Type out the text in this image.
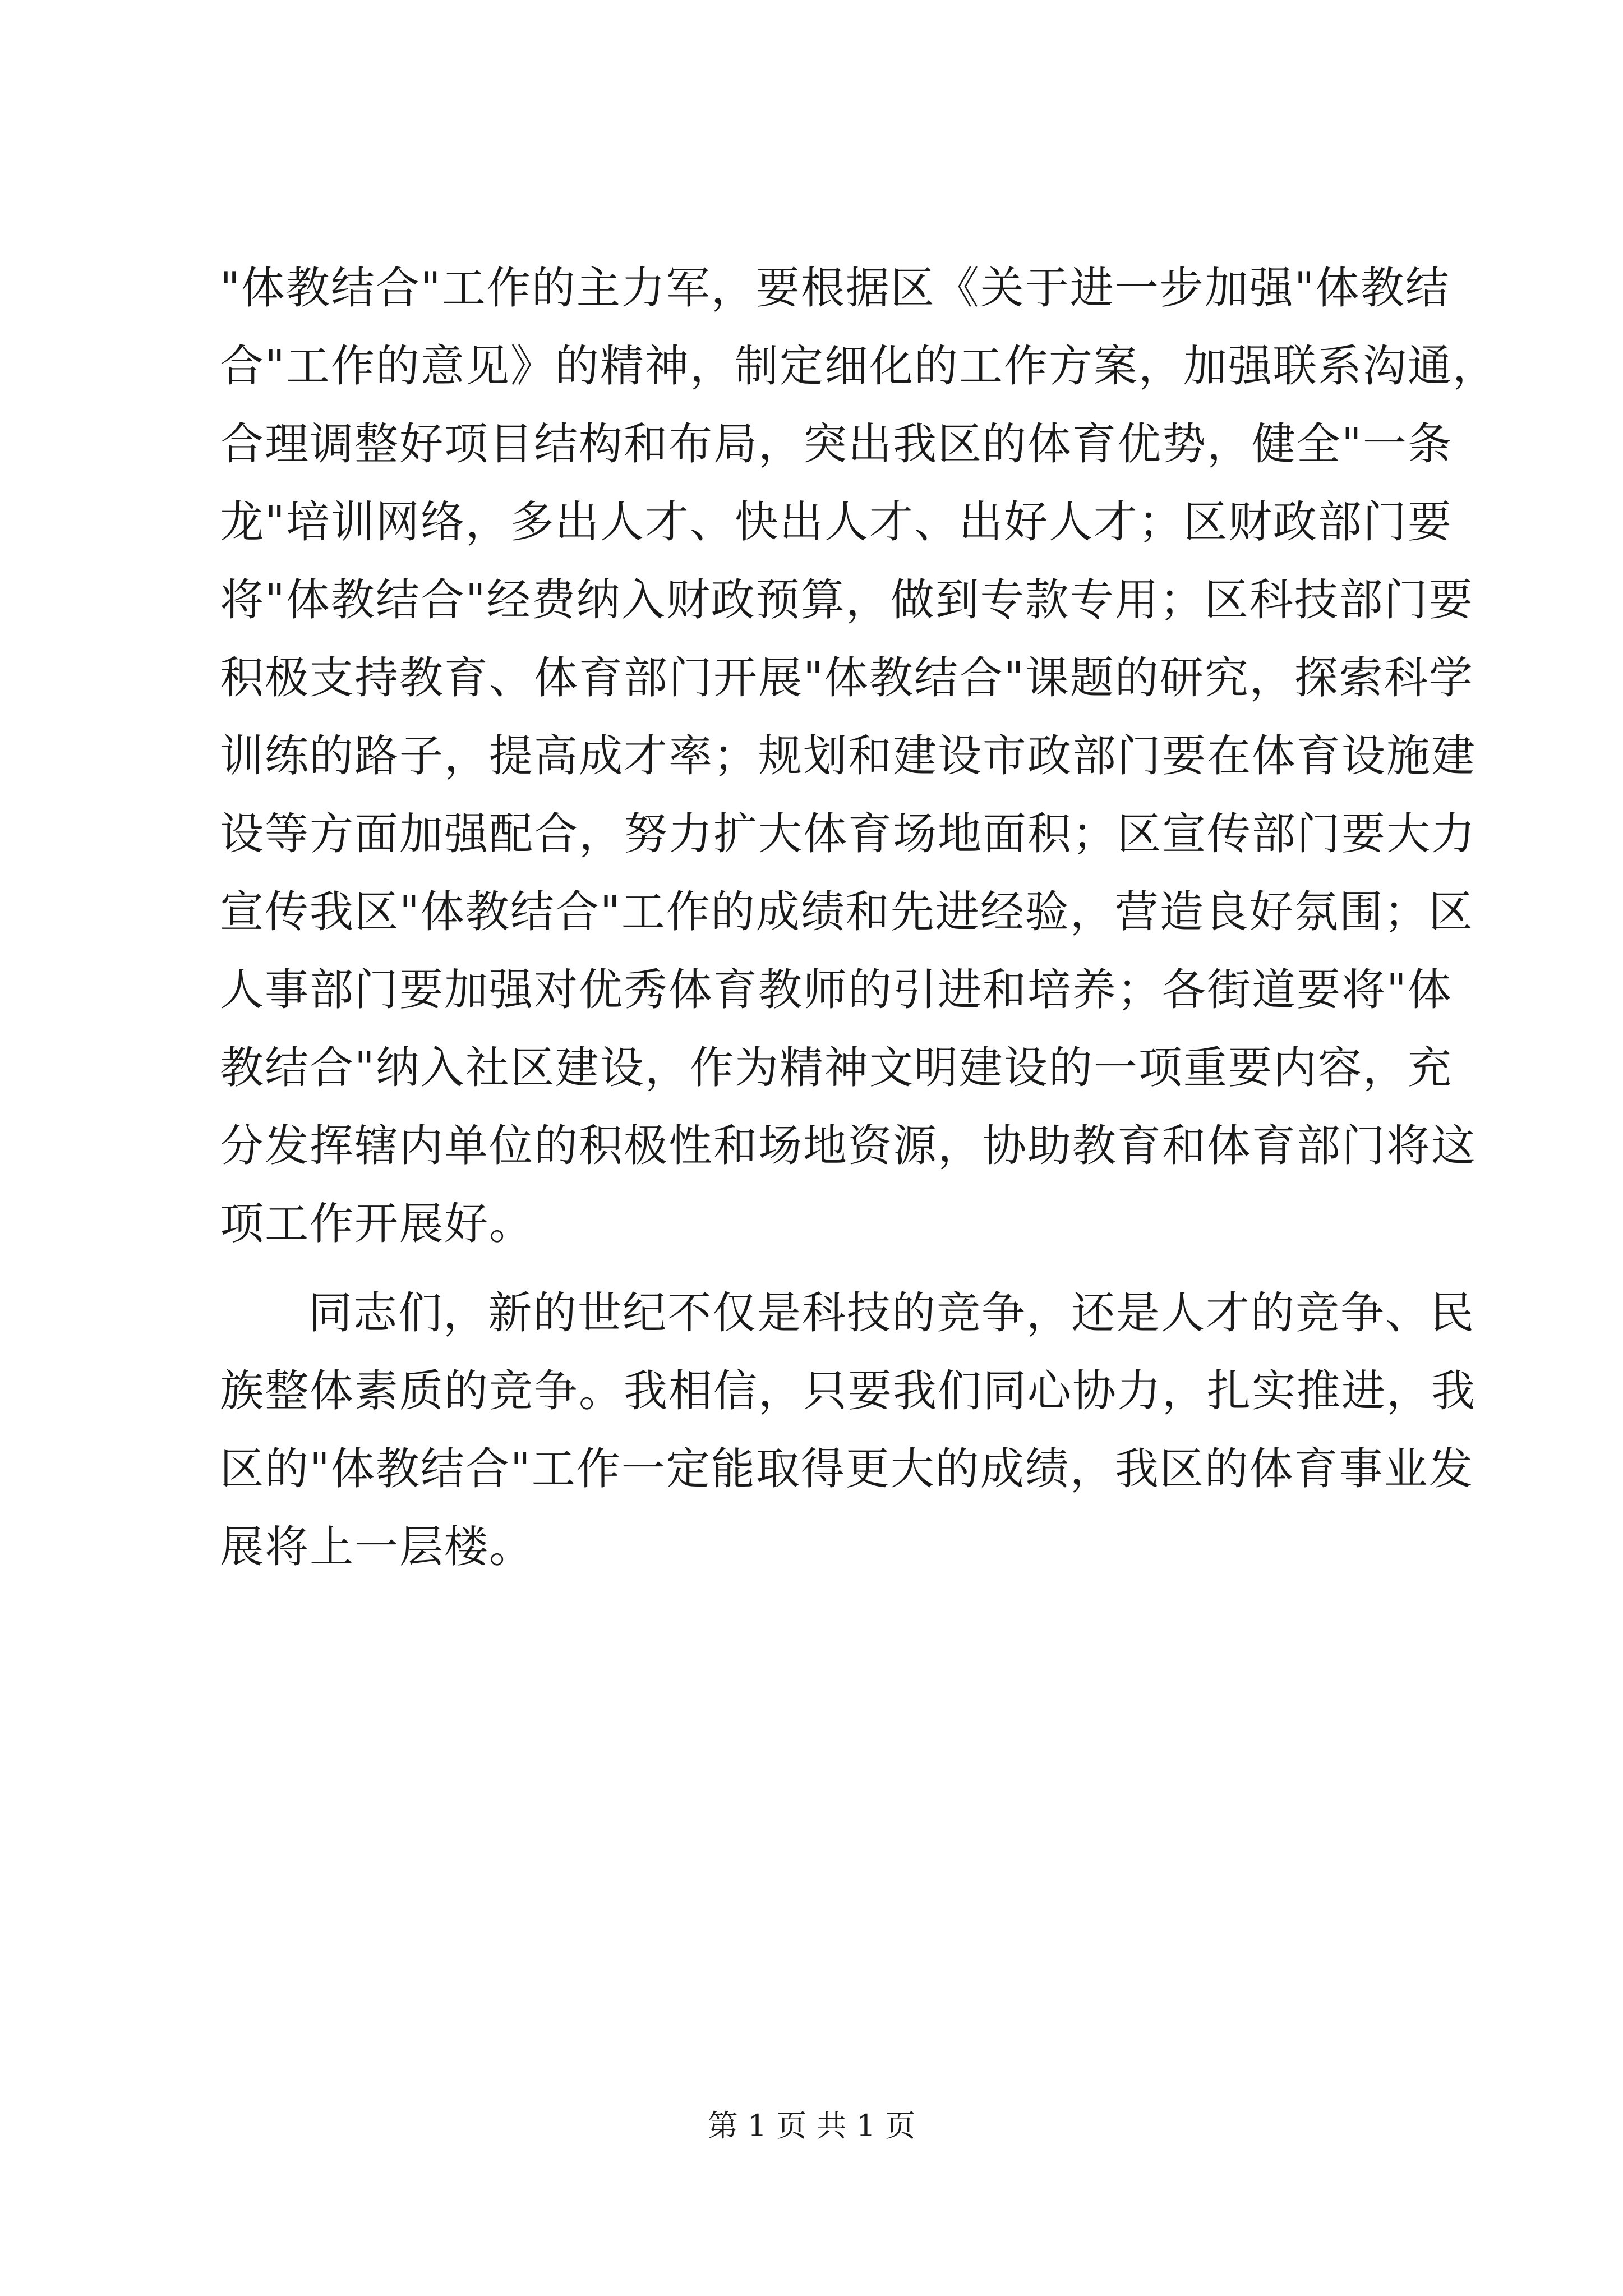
"体教结合"工作的主力军，要根据区《关于进一步加强"体教结
合"工作的意见》的精神，制定细化的工作方案，加强联系沟通，
合理调整好项目结构和布局，突出我区的体育优势，健全"一条
龙"培训网络，多出人才、快出人才、出好人才；区财政部门要
将"体教结合"经费纳入财政预算，做到专款专用；区科技部门要
积极支持教育、体育部门开展"体教结合"课题的研究，探索科学
训练的路子，提高成才率；规划和建设市政部门要在体育设施建
设等方面加强配合，努力扩大体育场地面积；区宣传部门要大力
宣传我区"体教结合"工作的成绩和先进经验，营造良好氛围；区
人事部门要加强对优秀体育教师的引进和培养；各街道要将"体
教结合"纳入社区建设，作为精神文明建设的一项重要内容，充
分发挥辖内单位的积极性和场地资源，协助教育和体育部门将这
项工作开展好。
同志们，新的世纪不仅是科技的竞争，还是人才的竞争、民
族整体素质的竞争。我相信，只要我们同心协力，扎实推进，我
区的"体教结合"工作一定能取得更大的成绩，我区的体育事业发
展将上一层楼。
第 1 页 共 1 页
